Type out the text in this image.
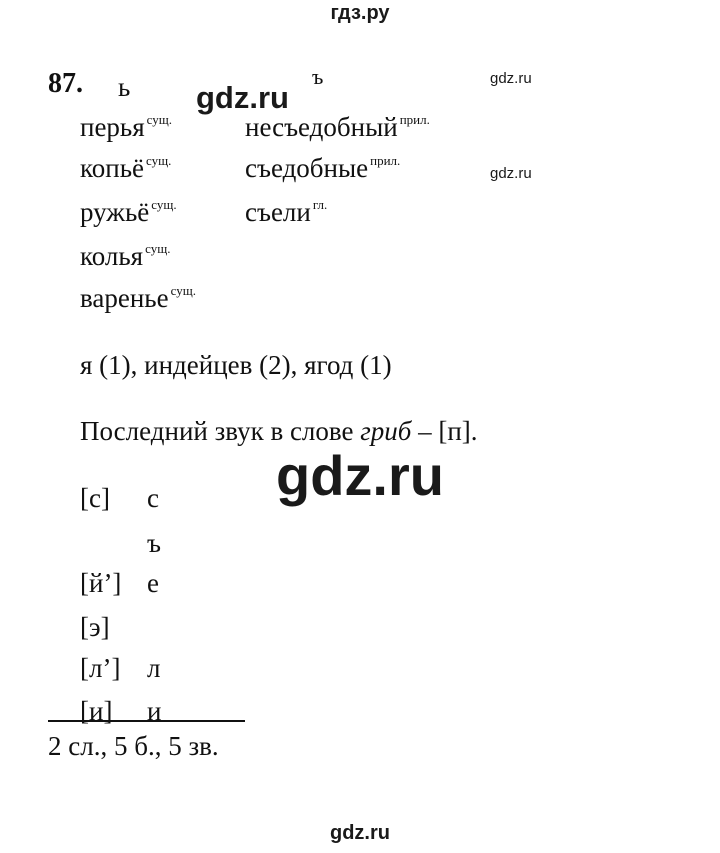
гдз.ру
gdz.ru
gdz.ru
gdz.ru
gdz.ru
gdz.ru
87. ь	ъ
перья $^{сущ.}$
копьё $^{сущ.}$
ружьё $^{сущ.}$
колья $^{сущ.}$
варенье $^{сущ.}$
несъедобный $^{прил.}$
съедобные $^{прил.}$
съели $^{гл.}$
я (1), индейцев (2), ягод (1)
Последний звук в слове гриб – [п].
[с] с
ъ
[й’] е
[э]
[л’] л
[и] и
2 сл., 5 б., 5 зв.
